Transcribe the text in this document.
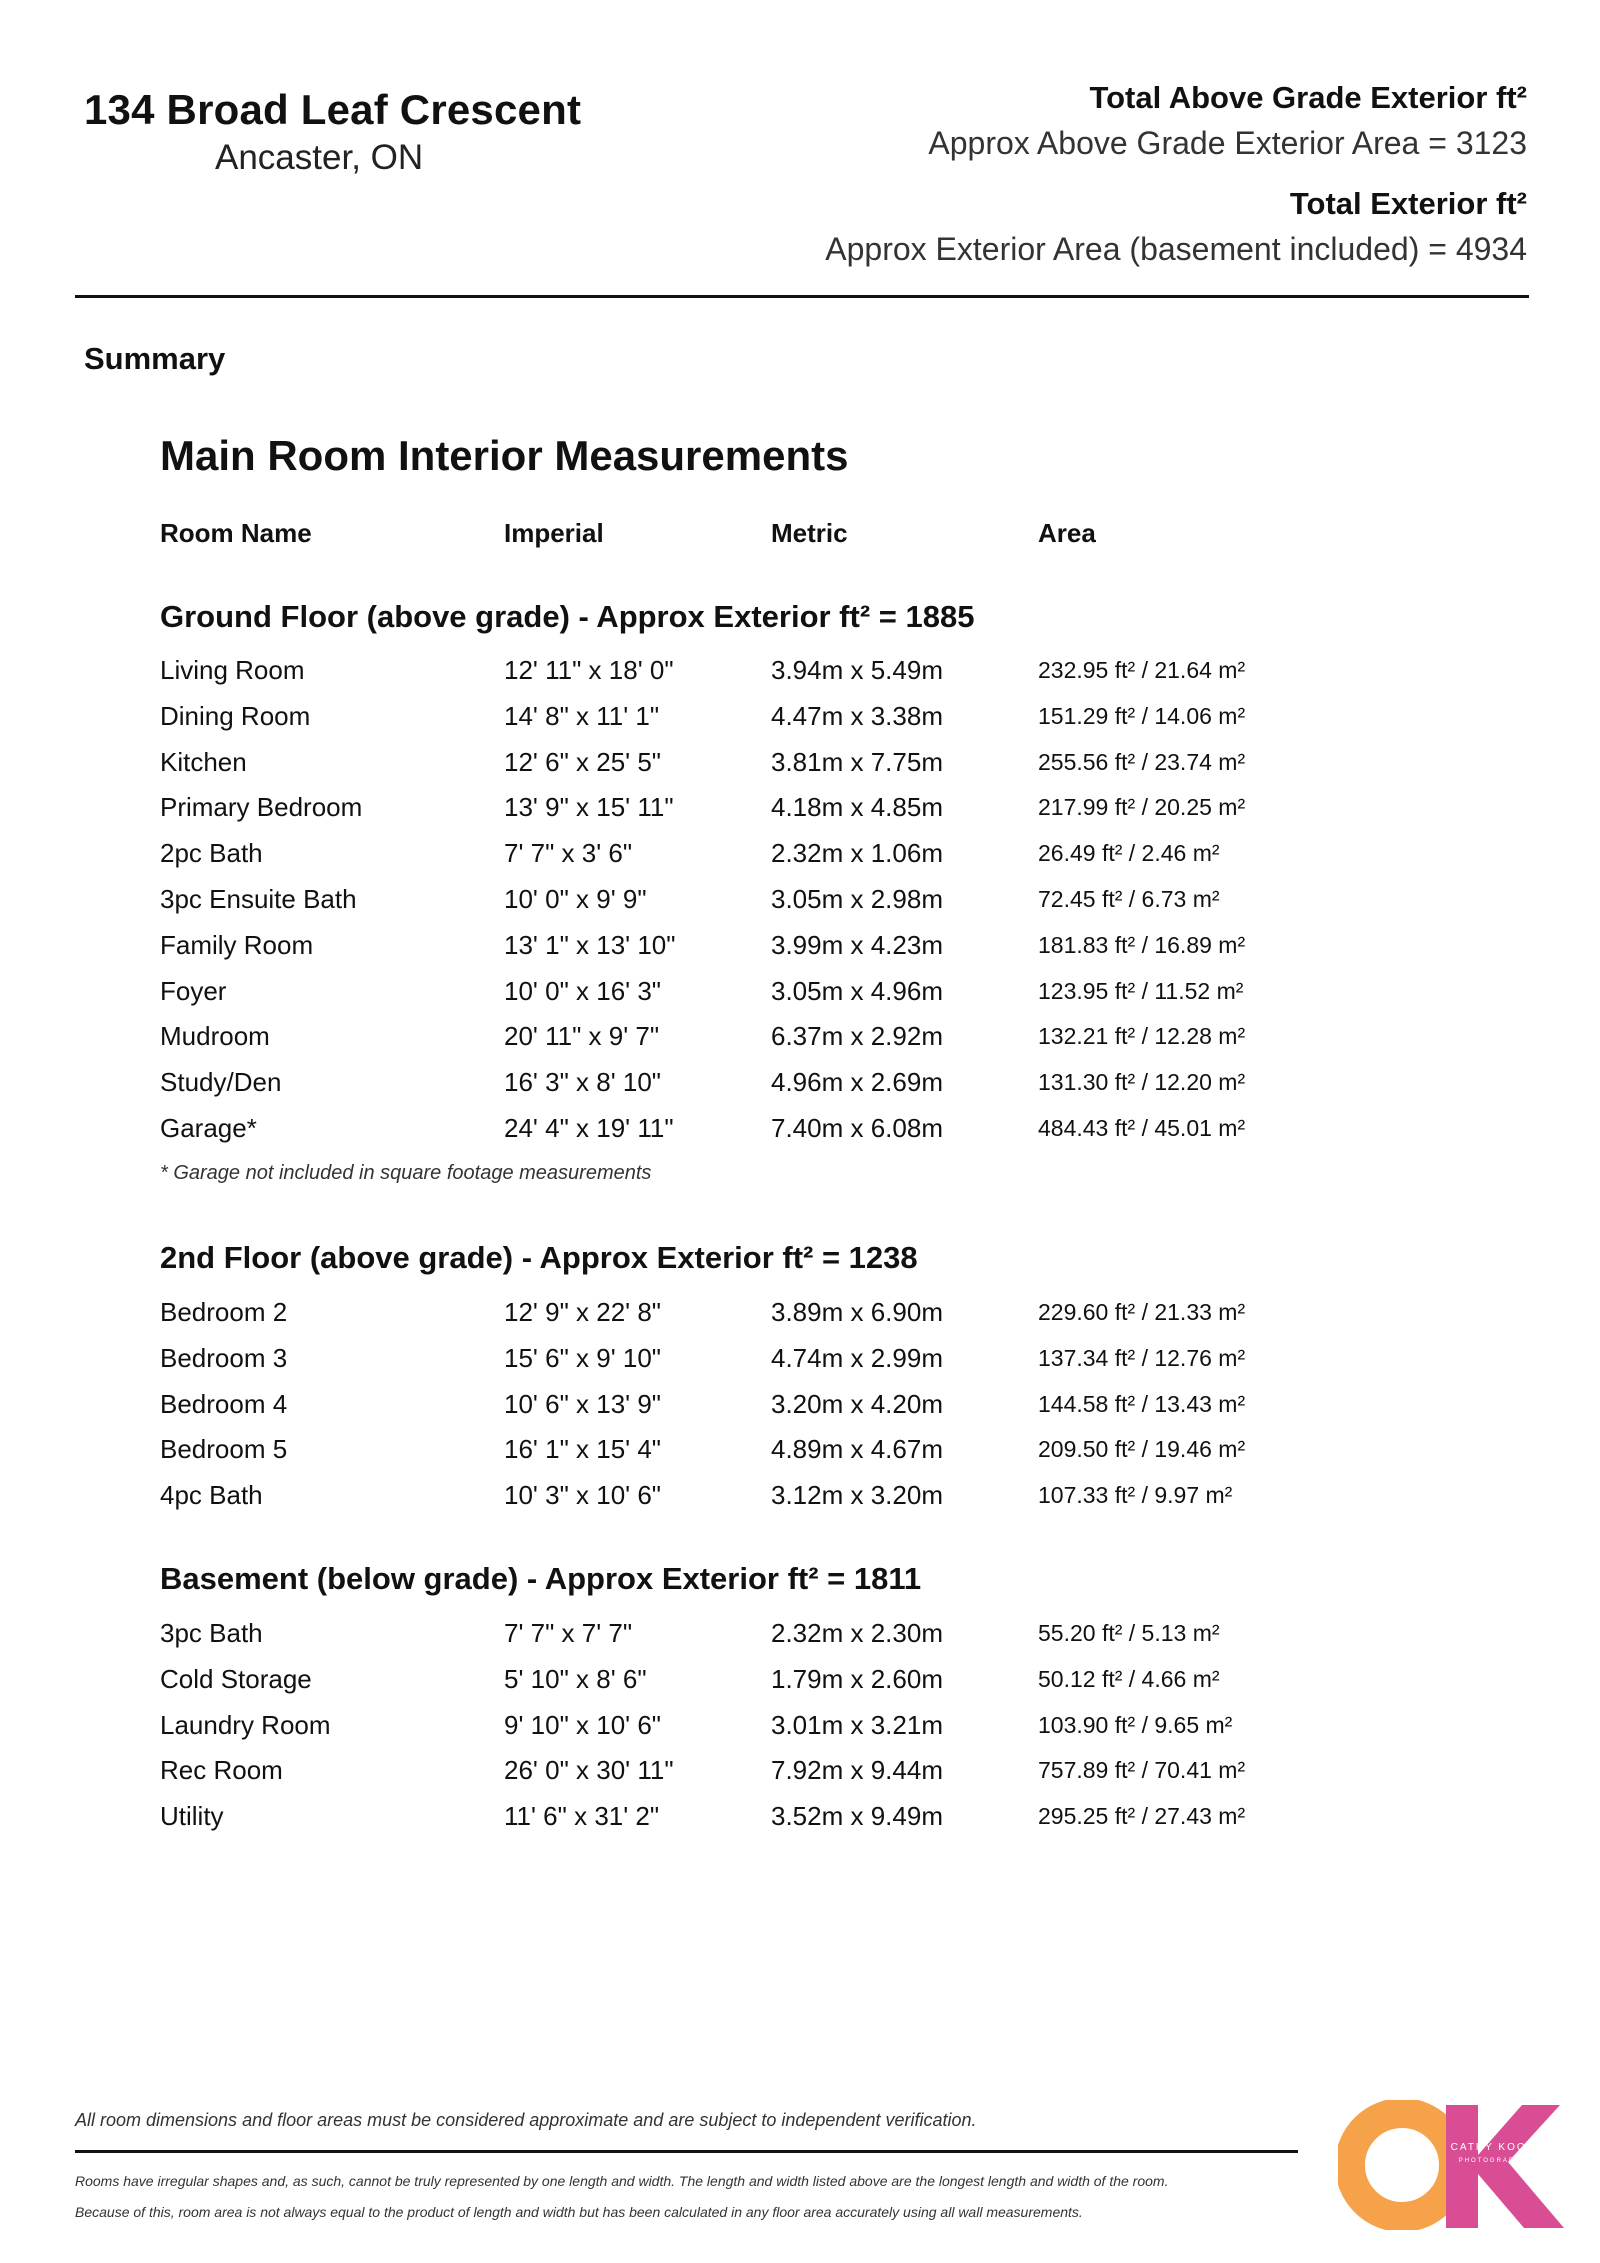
134 Broad Leaf Crescent
Ancaster, ON
Total Above Grade Exterior ft²
Approx Above Grade Exterior Area = 3123
Total Exterior ft²
Approx Exterior Area (basement included) = 4934
Summary
Main Room Interior Measurements
Room Name	Imperial	Metric	Area
Ground Floor (above grade) - Approx Exterior ft² = 1885
2nd Floor (above grade) - Approx Exterior ft² = 1238
Basement (below grade) - Approx Exterior ft² = 1811
Living Room	12' 11" x 18' 0"	3.94m x 5.49m	232.95 ft² / 21.64 m²
Dining Room	14' 8" x 11' 1"	4.47m x 3.38m	151.29 ft² / 14.06 m²
Kitchen	12' 6" x 25' 5"	3.81m x 7.75m	255.56 ft² / 23.74 m²
Primary Bedroom	13' 9" x 15' 11"	4.18m x 4.85m	217.99 ft² / 20.25 m²
2pc Bath	7' 7" x 3' 6"	2.32m x 1.06m	26.49 ft² / 2.46 m²
3pc Ensuite Bath	10' 0" x 9' 9"	3.05m x 2.98m	72.45 ft² / 6.73 m²
Family Room	13' 1" x 13' 10"	3.99m x 4.23m	181.83 ft² / 16.89 m²
Foyer	10' 0" x 16' 3"	3.05m x 4.96m	123.95 ft² / 11.52 m²
Mudroom	20' 11" x 9' 7"	6.37m x 2.92m	132.21 ft² / 12.28 m²
Study/Den	16' 3" x 8' 10"	4.96m x 2.69m	131.30 ft² / 12.20 m²
Garage*	24' 4" x 19' 11"	7.40m x 6.08m	484.43 ft² / 45.01 m²
Bedroom 2	12' 9" x 22' 8"	3.89m x 6.90m	229.60 ft² / 21.33 m²
Bedroom 3	15' 6" x 9' 10"	4.74m x 2.99m	137.34 ft² / 12.76 m²
Bedroom 4	10' 6" x 13' 9"	3.20m x 4.20m	144.58 ft² / 13.43 m²
Bedroom 5	16' 1" x 15' 4"	4.89m x 4.67m	209.50 ft² / 19.46 m²
4pc Bath	10' 3" x 10' 6"	3.12m x 3.20m	107.33 ft² / 9.97 m²
3pc Bath	7' 7" x 7' 7"	2.32m x 2.30m	55.20 ft² / 5.13 m²
Cold Storage	5' 10" x 8' 6"	1.79m x 2.60m	50.12 ft² / 4.66 m²
Laundry Room	9' 10" x 10' 6"	3.01m x 3.21m	103.90 ft² / 9.65 m²
Rec Room	26' 0" x 30' 11"	7.92m x 9.44m	757.89 ft² / 70.41 m²
Utility	11' 6" x 31' 2"	3.52m x 9.49m	295.25 ft² / 27.43 m²
* Garage not included in square footage measurements
All room dimensions and floor areas must be considered approximate and are subject to independent verification.
Rooms have irregular shapes and, as such, cannot be truly represented by one length and width. The length and width listed above are the longest length and width of the room.
Because of this, room area is not always equal to the product of length and width but has been calculated in any floor area accurately using all wall measurements.
CATHY KOOP
PHOTOGRAPHY
